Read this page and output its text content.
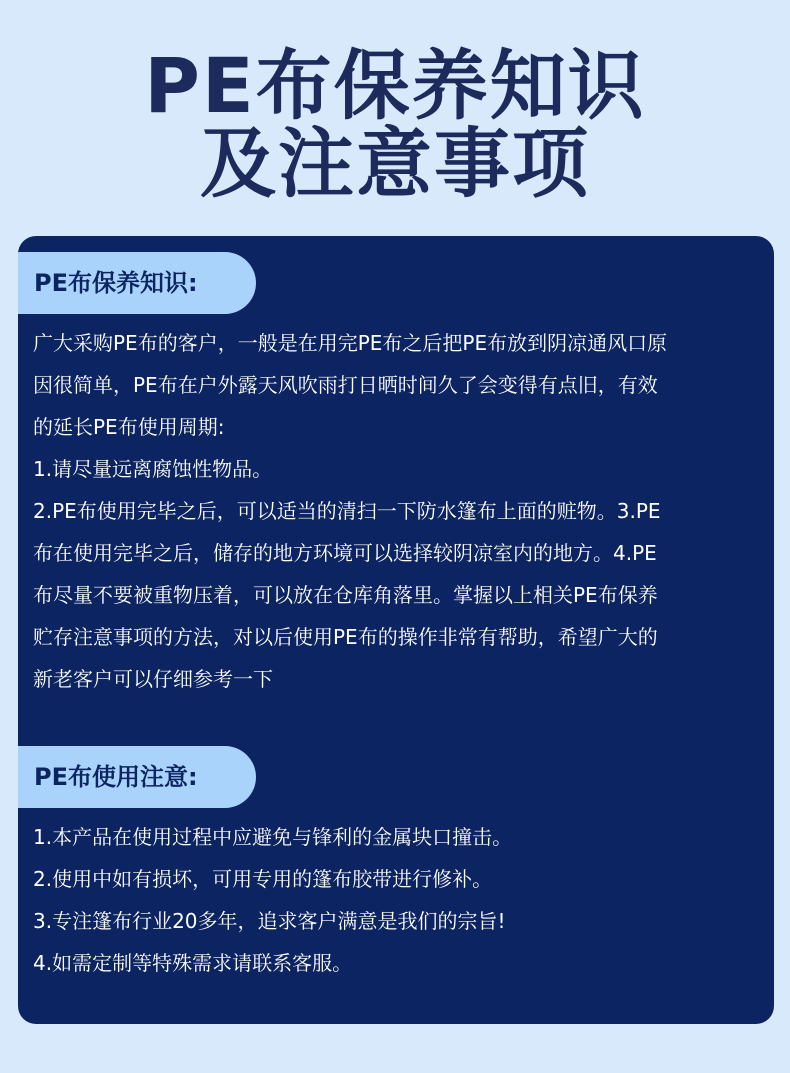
PE布保养知识
及注意事项
PE布保养知识:
广大采购PE布的客户，一般是在用完PE布之后把PE布放到阴凉通风口原
因很简单，PE布在户外露天风吹雨打日晒时间久了会变得有点旧，有效
的延长PE布使用周期:
1.请尽量远离腐蚀性物品。
2.PE布使用完毕之后，可以适当的清扫一下防水篷布上面的赃物。3.PE
布在使用完毕之后，储存的地方环境可以选择较阴凉室内的地方。4.PE
布尽量不要被重物压着，可以放在仓库角落里。掌握以上相关PE布保养
贮存注意事项的方法，对以后使用PE布的操作非常有帮助，希望广大的
新老客户可以仔细参考一下
PE布使用注意:
1.本产品在使用过程中应避免与锋利的金属块口撞击。
2.使用中如有损坏，可用专用的篷布胶带进行修补。
3.专注篷布行业20多年，追求客户满意是我们的宗旨!
4.如需定制等特殊需求请联系客服。
